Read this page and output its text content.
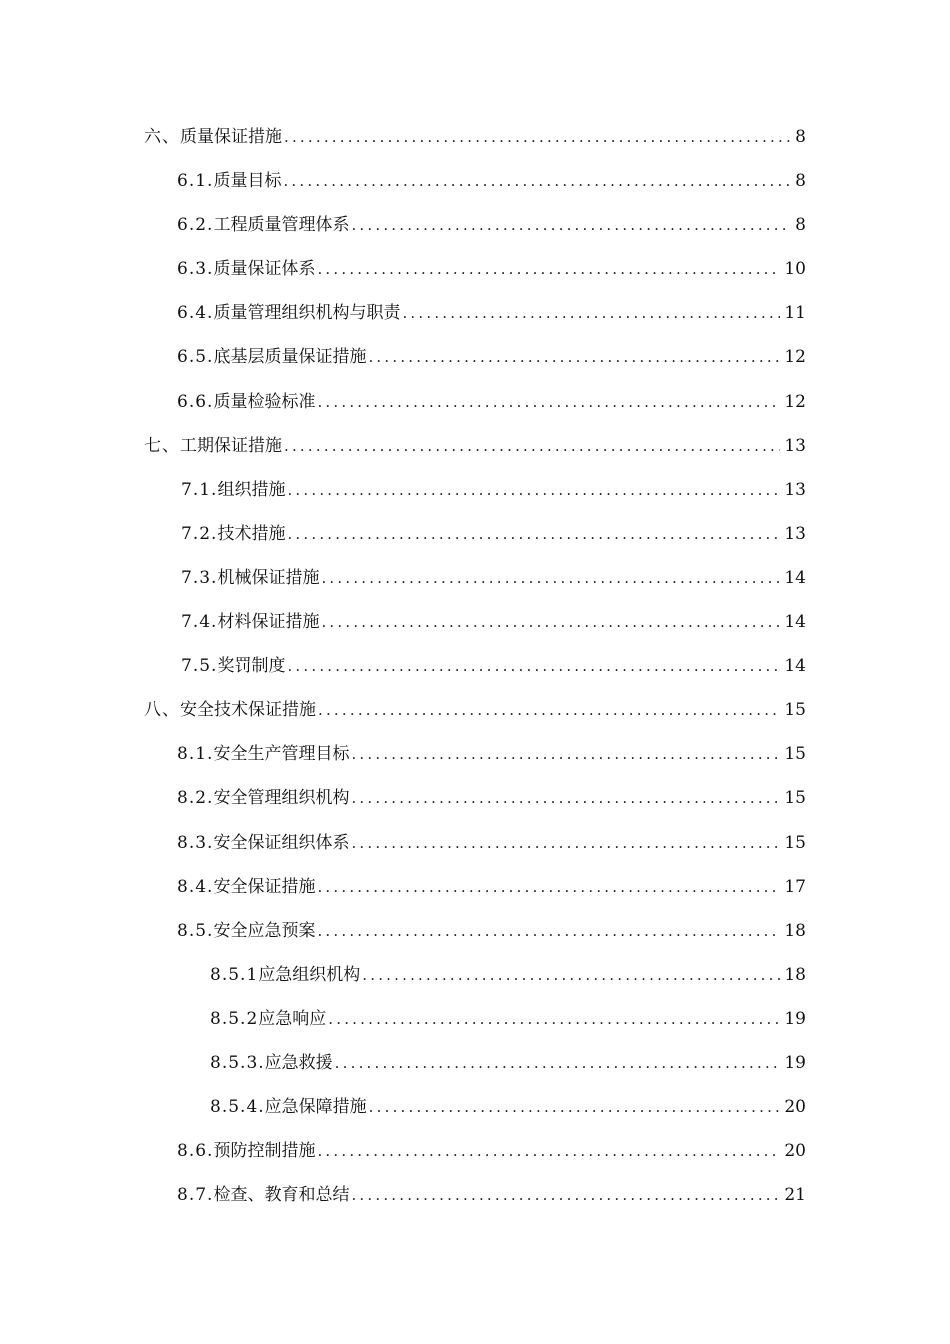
六、 质量保证措施 .....	8
6.1. 质量目标 .....	8
6.2. 工程质量管理体系 .....	8
6.3. 质量保证体系 .....	10
6.4. 质量管理组织机构与职责 .....	11
6.5. 底基层质量保证措施 .....	12
6.6. 质量检验标准 .....	12
七、 工期保证措施 .....	13
7.1. 组织措施 .....	13
7.2. 技术措施 .....	13
7.3. 机械保证措施 .....	14
7.4. 材料保证措施 .....	14
7.5. 奖罚制度 .....	14
八、 安全技术保证措施 .....	15
8.1. 安全生产管理目标 .....	15
8.2. 安全管理组织机构 .....	15
8.3. 安全保证组织体系 .....	15
8.4. 安全保证措施 .....	17
8.5. 安全应急预案 .....	18
8.5.1 应急组织机构 .....	18
8.5.2 应急响应 .....	19
8.5.3. 应急救援 .....	19
8.5.4. 应急保障措施 .....	20
8.6. 预防控制措施 .....	20
8.7. 检查、教育和总结 .....	21
